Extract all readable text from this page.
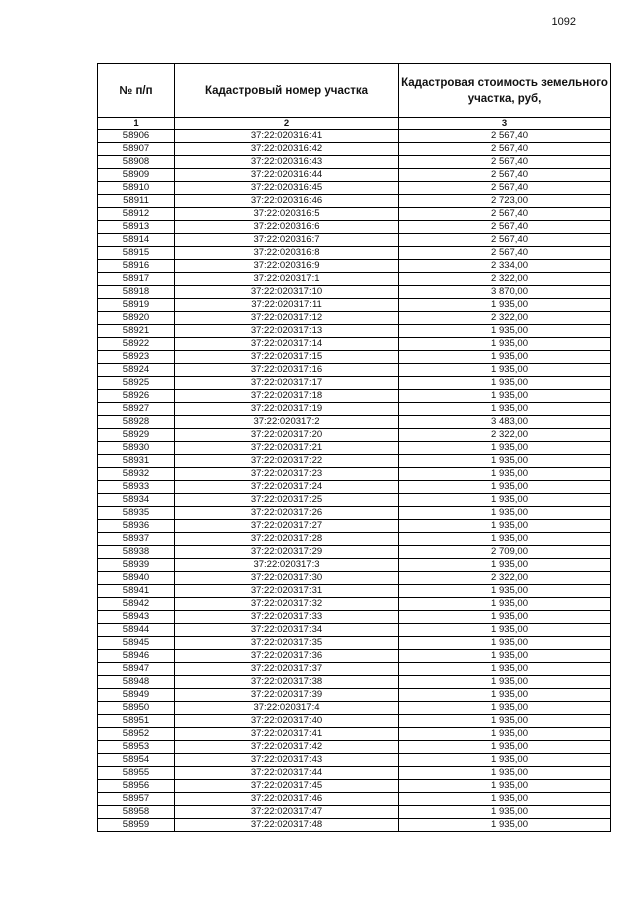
1092
№ п/п	Кадастровый номер участка	Кадастровая стоимость земельного участка, руб,
1	2	3
58906	37:22:020316:41	2 567,40
58907	37:22:020316:42	2 567,40
58908	37:22:020316:43	2 567,40
58909	37:22:020316:44	2 567,40
58910	37:22:020316:45	2 567,40
58911	37:22:020316:46	2 723,00
58912	37:22:020316:5	2 567,40
58913	37:22:020316:6	2 567,40
58914	37:22:020316:7	2 567,40
58915	37:22:020316:8	2 567,40
58916	37:22:020316:9	2 334,00
58917	37:22:020317:1	2 322,00
58918	37:22:020317:10	3 870,00
58919	37:22:020317:11	1 935,00
58920	37:22:020317:12	2 322,00
58921	37:22:020317:13	1 935,00
58922	37:22:020317:14	1 935,00
58923	37:22:020317:15	1 935,00
58924	37:22:020317:16	1 935,00
58925	37:22:020317:17	1 935,00
58926	37:22:020317:18	1 935,00
58927	37:22:020317:19	1 935,00
58928	37:22:020317:2	3 483,00
58929	37:22:020317:20	2 322,00
58930	37:22:020317:21	1 935,00
58931	37:22:020317:22	1 935,00
58932	37:22:020317:23	1 935,00
58933	37:22:020317:24	1 935,00
58934	37:22:020317:25	1 935,00
58935	37:22:020317:26	1 935,00
58936	37:22:020317:27	1 935,00
58937	37:22:020317:28	1 935,00
58938	37:22:020317:29	2 709,00
58939	37:22:020317:3	1 935,00
58940	37:22:020317:30	2 322,00
58941	37:22:020317:31	1 935,00
58942	37:22:020317:32	1 935,00
58943	37:22:020317:33	1 935,00
58944	37:22:020317:34	1 935,00
58945	37:22:020317:35	1 935,00
58946	37:22:020317:36	1 935,00
58947	37:22:020317:37	1 935,00
58948	37:22:020317:38	1 935,00
58949	37:22:020317:39	1 935,00
58950	37:22:020317:4	1 935,00
58951	37:22:020317:40	1 935,00
58952	37:22:020317:41	1 935,00
58953	37:22:020317:42	1 935,00
58954	37:22:020317:43	1 935,00
58955	37:22:020317:44	1 935,00
58956	37:22:020317:45	1 935,00
58957	37:22:020317:46	1 935,00
58958	37:22:020317:47	1 935,00
58959	37:22:020317:48	1 935,00
